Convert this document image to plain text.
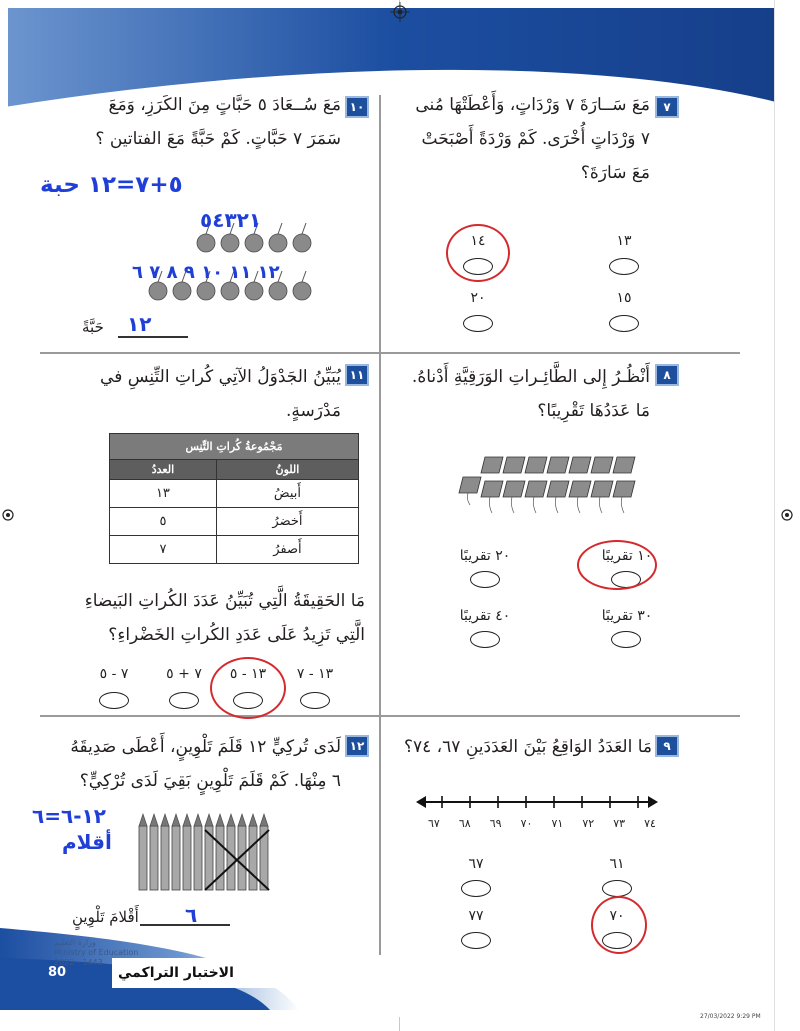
٧
مَعَ سَــارَةَ ٧ وَرْدَاتٍ، وَأَعْطَتْهَا مُنى
٧ وَرْدَاتٍ أُخْرَى. كَمْ وَرْدَةً أَصْبَحَتْ
مَعَ سَارَةَ؟
١٤	١٣
٢٠	١٥
١٠
مَعَ سُــعَادَ ٥ حَبَّاتٍ مِنَ الكَرَزِ، وَمَعَ
سَمَرَ ٧ حَبَّاتٍ. كَمْ حَبَّةً مَعَ الفتاتين ؟
٥+٧=١٢ حبة
٥٤٣٢١
١٢ ١١ ١٠ ٩ ٨ ٧ ٦
١٢
حَبَّةً
٨
أَنْظُـرُ إِلى الطَّائِـراتِ الوَرَقِيَّةِ أَدْناهُ.
مَا عَدَدُهَا تَقْرِيبًا؟
٢٠ تقريبًا	١٠ تقريبًا
٤٠ تقريبًا	٣٠ تقريبًا
١١
يُبَيِّنُ الجَدْوَلُ الآتِي كُراتِ التِّنِسِ في
مَدْرَسةٍ.
مَجْمُوعةُ كُراتِ التِّنِس	
اللونُ	العددُ
أَبيضُ	١٣
أَخضرُ	٥
أَصفرُ	٧
مَا الحَقِيقَةُ الَّتِي تُبَيِّنُ عَدَدَ الكُراتِ البَيضاءِ
الَّتِي تَزِيدُ عَلَى عَدَدِ الكُراتِ الخَضْراءِ؟
٧ - ٥	٧ + ٥	١٣ - ٥	١٣ - ٧
٩
مَا العَدَدُ الوَاقِعُ بَيْنَ العَدَدَينِ ٦٧، ٧٤؟
٦٧ ٦٨ ٦٩ ٧٠ ٧١ ٧٢ ٧٣ ٧٤
٦٧	٦١
٧٧	٧٠
١٢
لَدَى تُركِيٍّ ١٢ قَلَمَ تَلْوِينٍ، أَعْطَى صَدِيقَهُ
٦ مِنْهَا. كَمْ قَلَمَ تَلْوِينٍ بَقِيَ لَدَى تُرْكِيٍّ؟
١٢-٦=٦
أقلام
٦
أَقْلامَ تَلْوِينٍ
الاختبار التراكمي
وزارة التعليم
Ministry of Education
2022 - 1443
80
27/03/2022 9:29 PM
